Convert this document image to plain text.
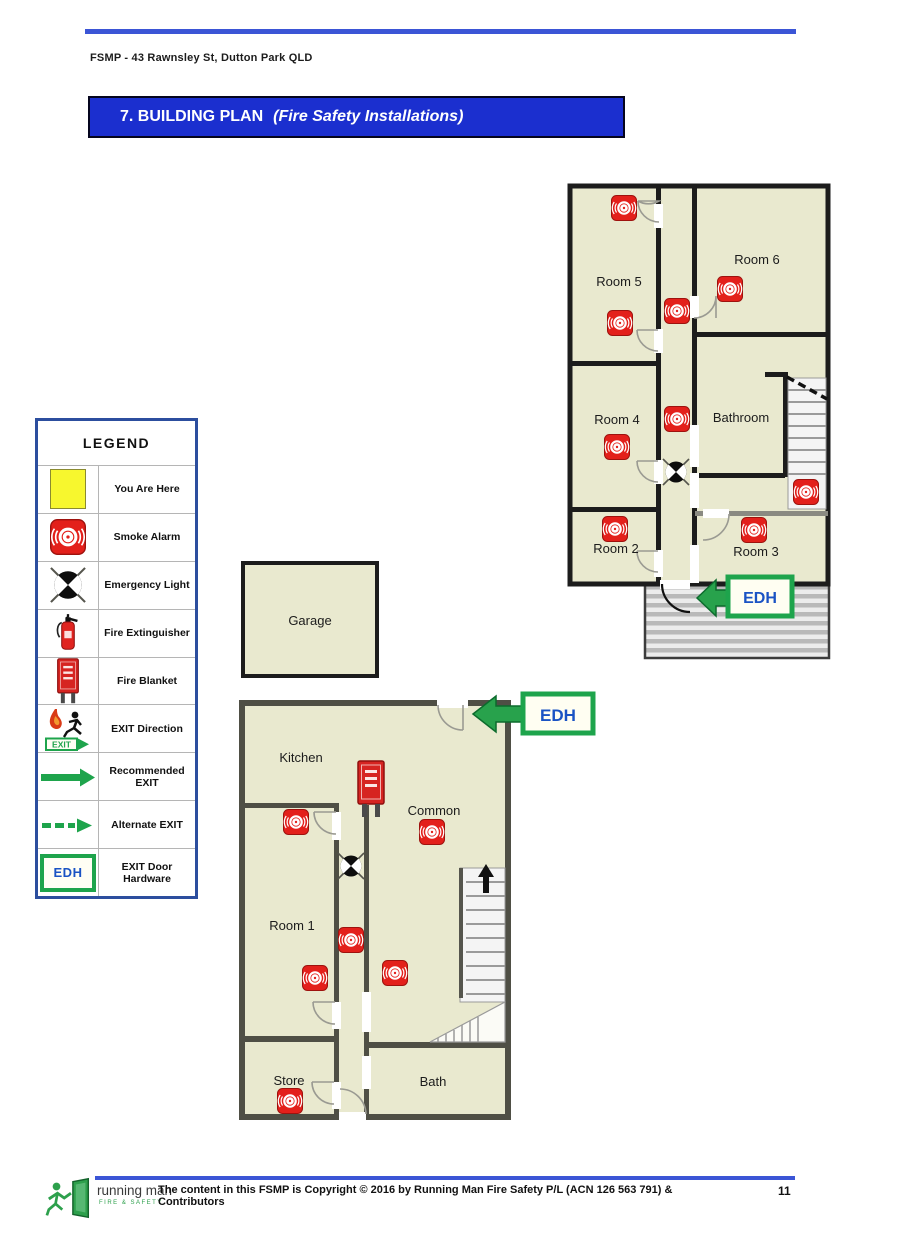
FSMP - 43 Rawnsley St, Dutton Park QLD
7. BUILDING PLAN (Fire Safety Installations)
LEGEND
You Are Here
Smoke Alarm
Emergency Light
Fire Extinguisher
Fire Blanket
EXIT
EXIT Direction
Recommended EXIT
Alternate EXIT
EDH	EXIT Door Hardware
Room 5
Room 6
Room 4	Bathroom
Room 2	Room 3
EDH
Garage
Kitchen
Common
Room 1
Store	Bath
EDH
running man
FIRE & SAFETY
The content in this FSMP is Copyright © 2016 by Running Man Fire Safety P/L (ACN 126 563 791) & Contributors
11
